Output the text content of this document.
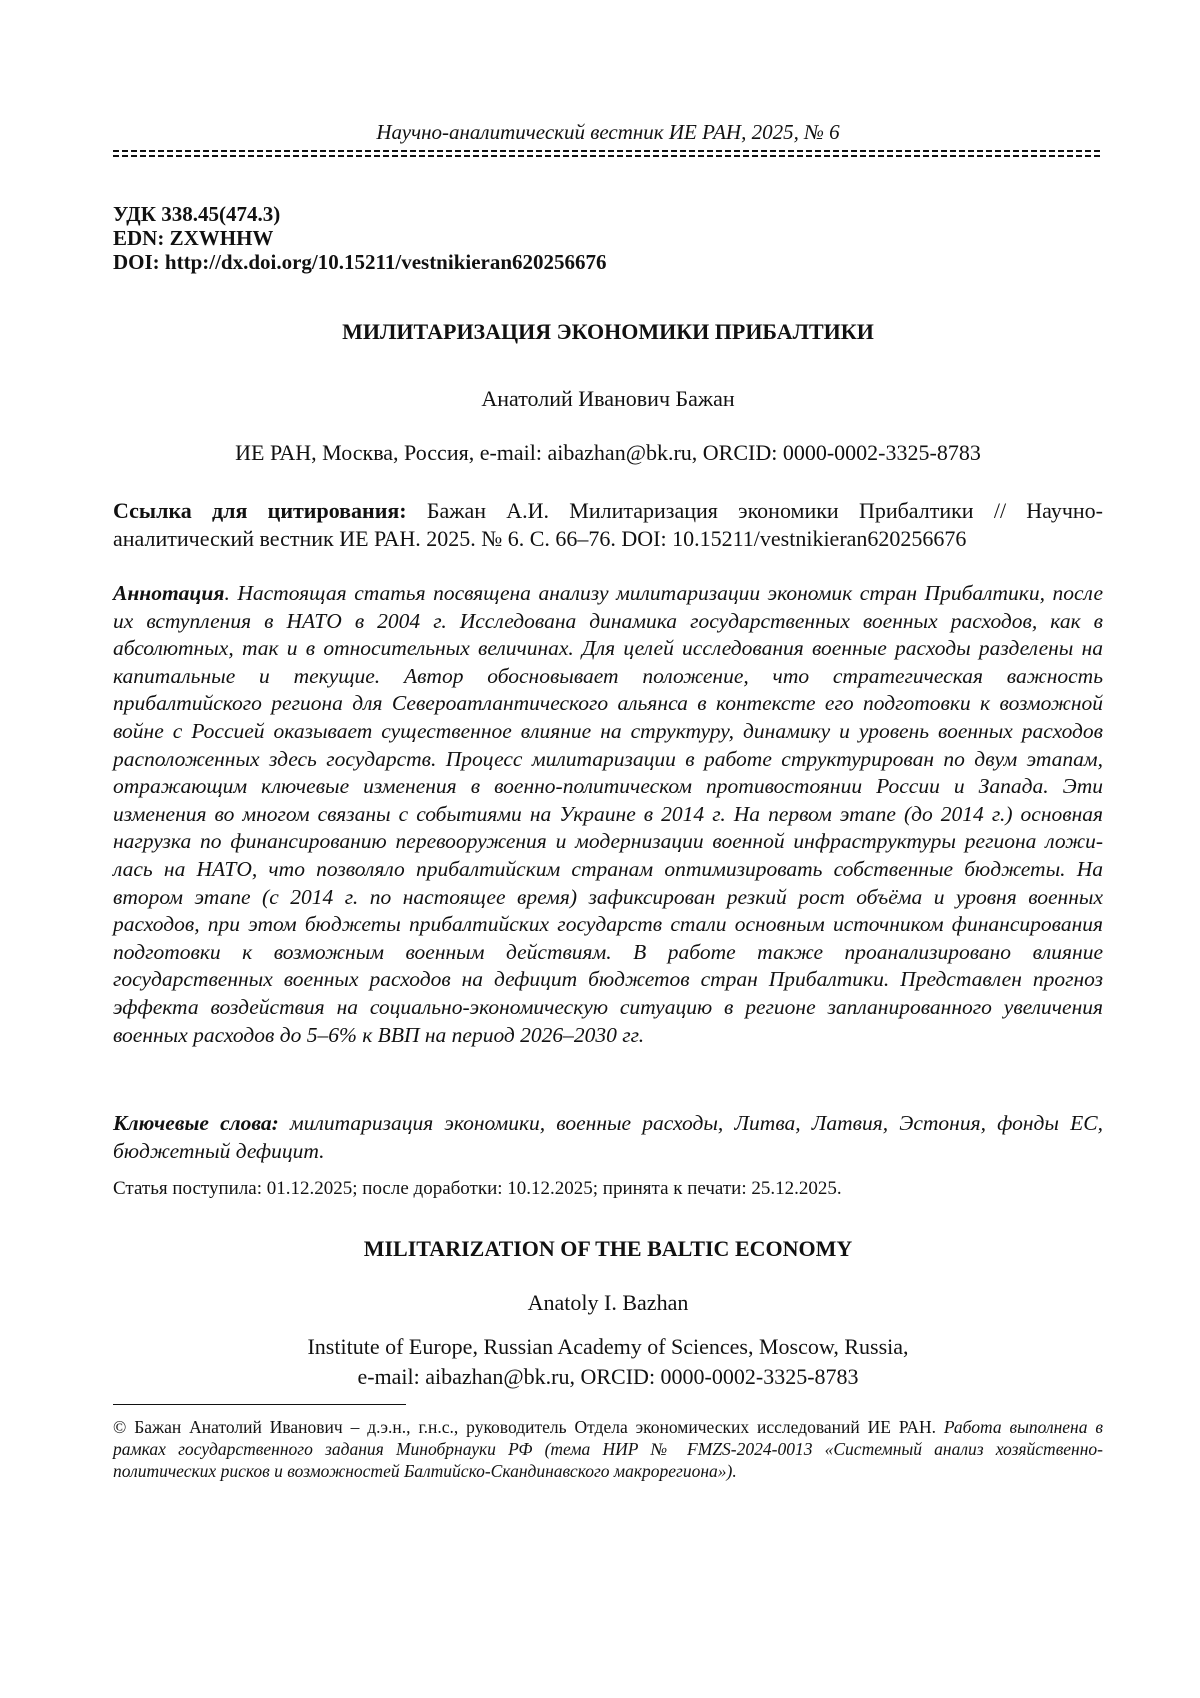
Научно-аналитический вестник ИЕ РАН, 2025, № 6
УДК 338.45(474.3)
EDN: ZXWHHW
DOI: http://dx.doi.org/10.15211/vestnikieran620256676
МИЛИТАРИЗАЦИЯ ЭКОНОМИКИ ПРИБАЛТИКИ
Анатолий Иванович Бажан
ИЕ РАН, Москва, Россия, e-mail: aibazhan@bk.ru, ORCID: 0000-0002-3325-8783
Ссылка для цитирования: Бажан А.И. Милитаризация экономики Прибалтики // Научно-аналитический вестник ИЕ РАН. 2025. № 6. С. 66–76. DOI: 10.15211/vestnikieran620256676
Аннотация. Настоящая статья посвящена анализу милитаризации экономик стран Прибалтики, после их вступления в НАТО в 2004 г. Исследована динамика государственных военных расходов, как в абсолютных, так и в относительных величинах. Для целей исследования военные расходы разделены на капитальные и текущие. Автор обосновывает положение, что стратегическая важность прибалтийского региона для Североатлантического альянса в контексте его подготовки к возможной войне с Россией оказывает существенное влияние на структуру, динамику и уровень военных расходов расположенных здесь государств. Процесс милитаризации в работе структурирован по двум этапам, отражающим ключевые изменения в военно-политическом противостоянии России и Запада. Эти изменения во многом связаны с событиями на Украине в 2014 г. На первом этапе (до 2014 г.) основная нагрузка по финансированию перевооружения и модернизации военной инфраструктуры региона ложилась на НАТО, что позволяло прибалтийским странам оптимизировать собственные бюджеты. На втором этапе (с 2014 г. по настоящее время) зафиксирован резкий рост объёма и уровня военных расходов, при этом бюджеты прибалтийских государств стали основным источником финансирования подготовки к возможным военным действиям. В работе также проанализировано влияние государственных военных расходов на дефицит бюджетов стран Прибалтики. Представлен прогноз эффекта воздействия на социально-экономическую ситуацию в регионе запланированного увеличения военных расходов до 5–6% к ВВП на период 2026–2030 гг.
Ключевые слова: милитаризация экономики, военные расходы, Литва, Латвия, Эстония, фонды ЕС, бюджетный дефицит.
Статья поступила: 01.12.2025; после доработки: 10.12.2025; принята к печати: 25.12.2025.
MILITARIZATION OF THE BALTIC ECONOMY
Anatoly I. Bazhan
Institute of Europe, Russian Academy of Sciences, Moscow, Russia,
e-mail: aibazhan@bk.ru, ORCID: 0000-0002-3325-8783
© Бажан Анатолий Иванович – д.э.н., г.н.с., руководитель Отдела экономических исследований ИЕ РАН. Работа выполнена в рамках государственного задания Минобрнауки РФ (тема НИР № FMZS-2024-0013 «Системный анализ хозяйственно-политических рисков и возможностей Балтийско-Скандинавского макрорегиона»).
